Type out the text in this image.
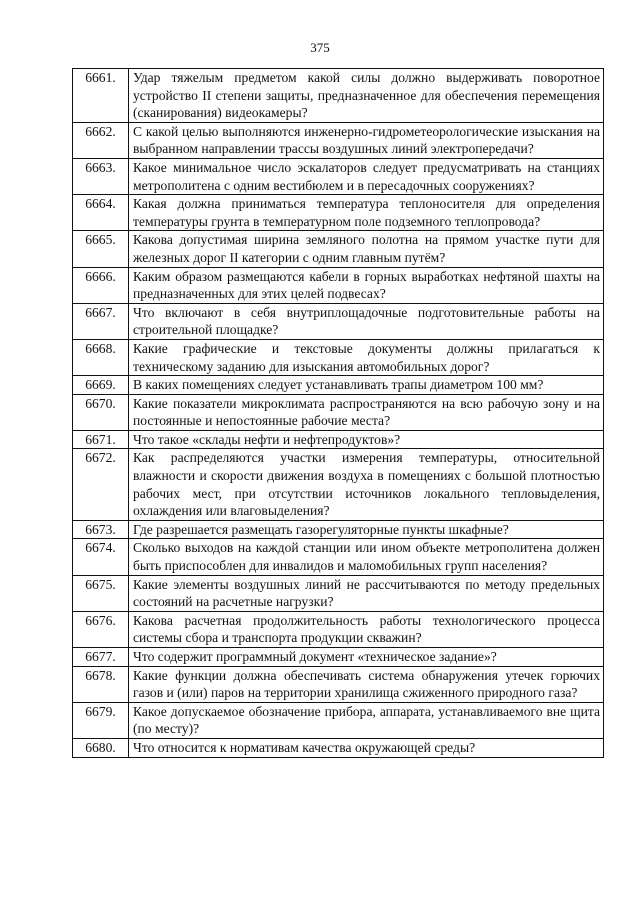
375
6661.	Удар тяжелым предметом какой силы должно выдерживать поворотное устройство II степени защиты, предназначенное для обеспечения перемещения (сканирования) видеокамеры?
6662.	С какой целью выполняются инженерно-гидрометеорологические изыскания на выбранном направлении трассы воздушных линий электропередачи?
6663.	Какое минимальное число эскалаторов следует предусматривать на станциях метрополитена с одним вестибюлем и в пересадочных сооружениях?
6664.	Какая должна приниматься температура теплоносителя для определения температуры грунта в температурном поле подземного теплопровода?
6665.	Какова допустимая ширина земляного полотна на прямом участке пути для железных дорог II категории с одним главным путём?
6666.	Каким образом размещаются кабели в горных выработках нефтяной шахты на предназначенных для этих целей подвесах?
6667.	Что включают в себя внутриплощадочные подготовительные работы на строительной площадке?
6668.	Какие графические и текстовые документы должны прилагаться к техническому заданию для изыскания автомобильных дорог?
6669.	В каких помещениях следует устанавливать трапы диаметром 100 мм?
6670.	Какие показатели микроклимата распространяются на всю рабочую зону и на постоянные и непостоянные рабочие места?
6671.	Что такое «склады нефти и нефтепродуктов»?
6672.	Как распределяются участки измерения температуры, относительной влажности и скорости движения воздуха в помещениях с большой плотностью рабочих мест, при отсутствии источников локального тепловыделения, охлаждения или влаговыделения?
6673.	Где разрешается размещать газорегуляторные пункты шкафные?
6674.	Сколько выходов на каждой станции или ином объекте метрополитена должен быть приспособлен для инвалидов и маломобильных групп населения?
6675.	Какие элементы воздушных линий не рассчитываются по методу предельных состояний на расчетные нагрузки?
6676.	Какова расчетная продолжительность работы технологического процесса системы сбора и транспорта продукции скважин?
6677.	Что содержит программный документ «техническое задание»?
6678.	Какие функции должна обеспечивать система обнаружения утечек горючих газов и (или) паров на территории хранилища сжиженного природного газа?
6679.	Какое допускаемое обозначение прибора, аппарата, устанавливаемого вне щита (по месту)?
6680.	Что относится к нормативам качества окружающей среды?
